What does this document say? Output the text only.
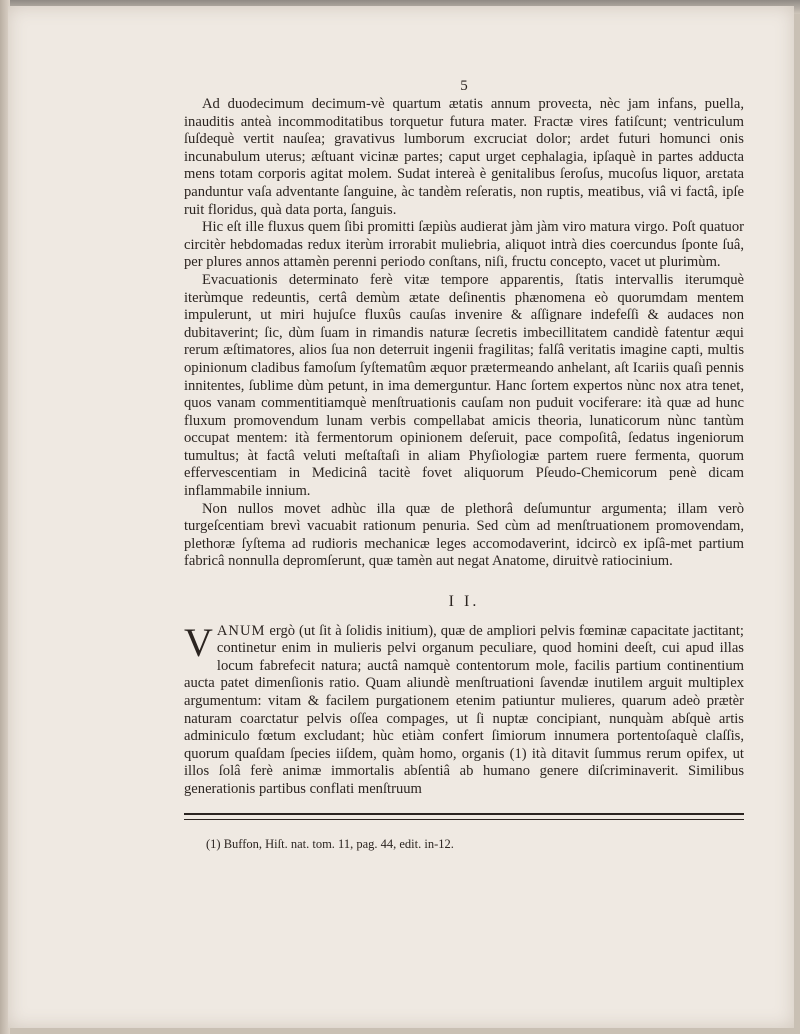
5

Ad duodecimum decimum-vè quartum ætatis annum proveɛta, nèc jam infans, puella, inauditis anteà incommoditatibus torquetur futura mater. Fractæ vires fatiſcunt; ventriculum ſuſdequè vertit nauſea; gravativus lumborum excruciat dolor; ardet futuri homunci onis incunabulum uterus; æſtuant vicinæ partes; caput urget cephalagia, ipſaquè in partes adducta mens totam corporis agitat molem. Sudat intereà è genitalibus ſeroſus, mucoſus liquor, arɛtata panduntur vaſa adventante ſanguine, àc tandèm reſeratis, non ruptis, meatibus, viâ vi factâ, ipſe ruit floridus, quà data porta, ſanguis.

Hic eſt ille fluxus quem ſibi promitti ſæpiùs audierat jàm jàm viro matura virgo. Poſt quatuor circitèr hebdomadas redux iterùm irrorabit muliebria, aliquot intrà dies coercundus ſponte ſuâ, per plures annos attamèn perenni periodo conſtans, niſi, fructu concepto, vacet ut plurimùm.

Evacuationis determinato ferè vitæ tempore apparentis, ſtatis intervallis iterumquè iterùmque redeuntis, certâ demùm ætate deſinentis phænomena eò quorumdam mentem impulerunt, ut miri hujuſce fluxûs cauſas invenire & aſſignare indefeſſi & audaces non dubitaverint; ſic, dùm ſuam in rimandis naturæ ſecretis imbecillitatem candidè fatentur æqui rerum æſtimatores, alios ſua non deterruit ingenii fragilitas; falſâ veritatis imagine capti, multis opinionum cladibus famoſum ſyſtematûm æquor prætermeando anhelant, aſt Icariis quaſi pennis innitentes, ſublime dùm petunt, in ima demerguntur. Hanc ſortem expertos nùnc nox atra tenet, quos vanam commentitiamquè menſtruationis cauſam non puduit vociferare: ità quæ ad hunc fluxum promovendum lunam verbis compellabat amicis theoria, lunaticorum nùnc tantùm occupat mentem: ità fermentorum opinionem deſeruit, pace compoſitâ, ſedatus ingeniorum tumultus; àt factâ veluti meſtaſtaſi in aliam Phyſiologiæ partem ruere fermenta, quorum effervescentiam in Medicinâ tacitè fovet aliquorum Pſeudo-Chemicorum penè dicam inflammabile innium.

Non nullos movet adhùc illa quæ de plethorâ deſumuntur argumenta; illam verò turgeſcentiam brevì vacuabit rationum penuria. Sed cùm ad menſtruationem promovendam, plethoræ ſyſtema ad rudioris mechanicæ leges accomodaverint, idcircò ex ipſâ-met partium fabricâ nonnulla depromſerunt, quæ tamèn aut negat Anatome, diruitvè ratiocinium.

I I.

VANUM ergò (ut ſit à ſolidis initium), quæ de ampliori pelvis fœminæ capacitate jactitant; continetur enim in mulieris pelvi organum peculiare, quod homini deeſt, cui apud illas locum fabrefecit natura; auctâ namquè contentorum mole, facilis partium continentium aucta patet dimenſionis ratio. Quam aliundè menſtruationi ſavendæ inutilem arguit multiplex argumentum: vitam & facilem purgationem etenim patiuntur mulieres, quarum adeò prætèr naturam coarctatur pelvis oſſea compages, ut ſi nuptæ concipiant, nunquàm abſquè artis adminiculo fœtum excludant; hùc etiàm confert ſimiorum innumera portentoſaquè claſſis, quorum quaſdam ſpecies iiſdem, quàm homo, organis (1) ità ditavit ſummus rerum opifex, ut illos ſolâ ferè animæ immortalis abſentiâ ab humano genere diſcriminaverit. Similibus generationis partibus conflati menſtruum

(1) Buffon, Hiſt. nat. tom. 11, pag. 44, edit. in-12.
